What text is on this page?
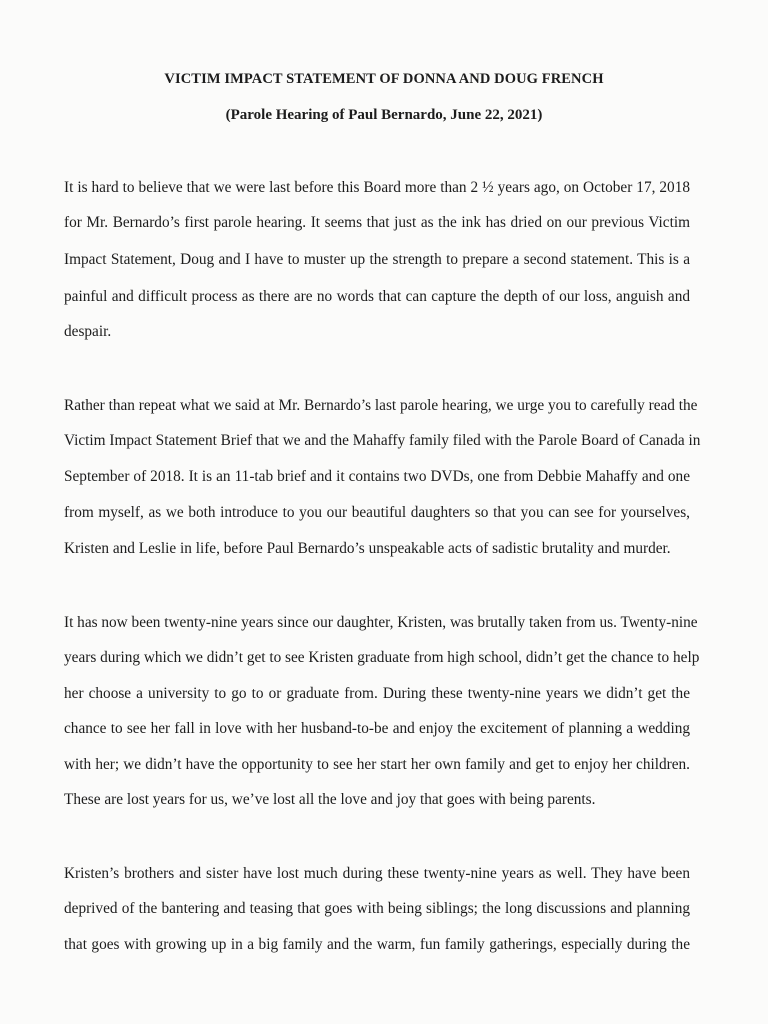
VICTIM IMPACT STATEMENT OF DONNA AND DOUG FRENCH
(Parole Hearing of Paul Bernardo, June 22, 2021)
It is hard to believe that we were last before this Board more than 2 ½ years ago, on October 17, 2018
for Mr. Bernardo’s first parole hearing. It seems that just as the ink has dried on our previous Victim
Impact Statement, Doug and I have to muster up the strength to prepare a second statement. This is a
painful and difficult process as there are no words that can capture the depth of our loss, anguish and
despair.
Rather than repeat what we said at Mr. Bernardo’s last parole hearing, we urge you to carefully read the
Victim Impact Statement Brief that we and the Mahaffy family filed with the Parole Board of Canada in
September of 2018. It is an 11-tab brief and it contains two DVDs, one from Debbie Mahaffy and one
from myself, as we both introduce to you our beautiful daughters so that you can see for yourselves,
Kristen and Leslie in life, before Paul Bernardo’s unspeakable acts of sadistic brutality and murder.
It has now been twenty-nine years since our daughter, Kristen, was brutally taken from us. Twenty-nine
years during which we didn’t get to see Kristen graduate from high school, didn’t get the chance to help
her choose a university to go to or graduate from. During these twenty-nine years we didn’t get the
chance to see her fall in love with her husband-to-be and enjoy the excitement of planning a wedding
with her; we didn’t have the opportunity to see her start her own family and get to enjoy her children.
These are lost years for us, we’ve lost all the love and joy that goes with being parents.
Kristen’s brothers and sister have lost much during these twenty-nine years as well. They have been
deprived of the bantering and teasing that goes with being siblings; the long discussions and planning
that goes with growing up in a big family and the warm, fun family gatherings, especially during the
